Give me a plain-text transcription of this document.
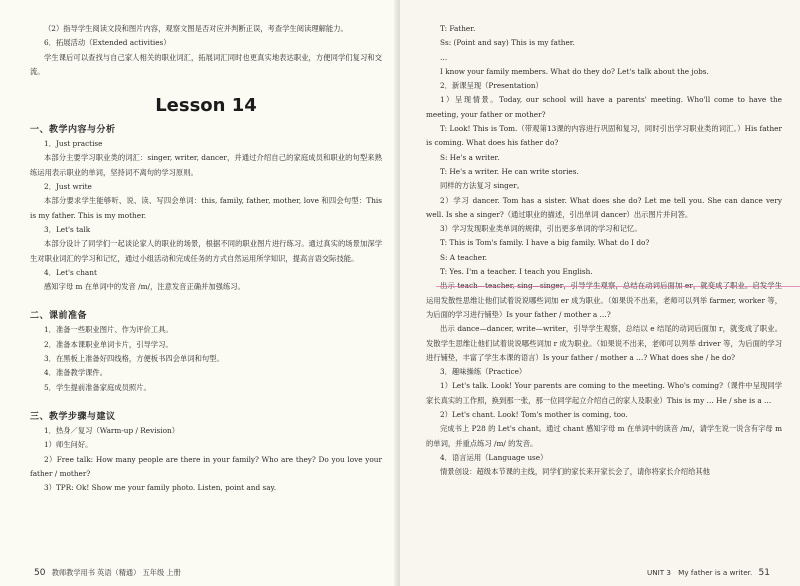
（2）指导学生阅读文段和图片内容，观察文图是否对应并判断正误，考查学生阅读理解能力。

6．拓展活动（Extended activities）

学生课后可以查找与自己家人相关的职业词汇，拓展词汇同时也更真实地表达职业，方便同学们复习和交流。

Lesson 14
一、教学内容与分析

1．Just practise

本部分主要学习职业类的词汇：singer, writer, dancer，并通过介绍自己的家庭成员和职业的句型来熟练运用表示职业的单词，坚持词不离句的学习原则。

2．Just write

本部分要求学生能够听、说、读、写四会单词：this, family, father, mother, love 和四会句型：This is my father. This is my mother.

3．Let's talk

本部分设计了同学们一起谈论家人的职业的场景，根据不同的职业图片进行练习。通过真实的场景加深学生对职业词汇的学习和记忆，通过小组活动和完成任务的方式自然运用所学知识，提高言语交际技能。

4．Let's chant

感知字母 m 在单词中的发音 /m/，注意发音正确并加强练习。

二、课前准备

1．准备一些职业图片、作为评价工具。

2．准备本课职业单词卡片，引导学习。

3．在黑板上准备好四线格，方便板书四会单词和句型。

4．准备教学课件。

5．学生提前准备家庭成员照片。

三、教学步骤与建议

1．热身／复习（Warm-up / Revision）

1）师生问好。

2）Free talk: How many people are there in your family? Who are they? Do you love your father / mother?

3）TPR: Ok! Show me your family photo. Listen, point and say.

50 教师教学用书 英语（精通） 五年级 上册

T: Father.

Ss: (Point and say) This is my father.

…

I know your family members. What do they do? Let's talk about the jobs.

2．新课呈现（Presentation）

1）呈现情景。Today, our school will have a parents' meeting. Who'll come to have the meeting, your father or mother?

T: Look! This is Tom.（带观第13课的内容进行巩固和复习，同时引出学习职业类的词汇。）His father is coming. What does his father do?

S: He's a writer.

T: He's a writer. He can write stories.

同样的方法复习 singer。

2）学习 dancer. Tom has a sister. What does she do? Let me tell you. She can dance very well. Is she a singer?（通过职业的描述，引出单词 dancer）出示图片并问答。

3）学习发现职业类单词的规律，引出更多单词的学习和记忆。

T: This is Tom's family. I have a big family. What do I do?

S: A teacher.

T: Yes. I'm a teacher. I teach you English.

运用发散性思维让他们试着说说哪些词加 er 成为职业。（如果说不出来，老师可以列举 farmer, worker 等，为后面的学习进行铺垫）Is your father / mother a …?

出示 dance—dancer, write—writer，引导学生观察，总结以 e 结尾的动词后面加 r，就变成了职业。发散学生思维让他们试着说说哪些词加 r 成为职业。（如果说不出来，老师可以列举 driver 等，为后面的学习进行铺垫，丰富了学生本课的语言）Is your father / mother a …? What does she / he do?

3．趣味操练（Practice）

1）Let's talk. Look! Your parents are coming to the meeting. Who's coming?（课件中呈现同学家长真实的工作照，换到那一张，那一位同学起立介绍自己的家人及职业）This is my … He / she is a …

2）Let's chant. Look! Tom's mother is coming, too.

完成书上 P28 的 Let's chant。通过 chant 感知字母 m 在单词中的读音 /m/，请学生说一说含有字母 m 的单词，并重点练习 /m/ 的发音。

4．语言运用（Language use）

情景创设：超级本节课的主线，同学们的家长来开家长会了，请你将家长介绍给其他

UNIT 3　My father is a writer. 51
